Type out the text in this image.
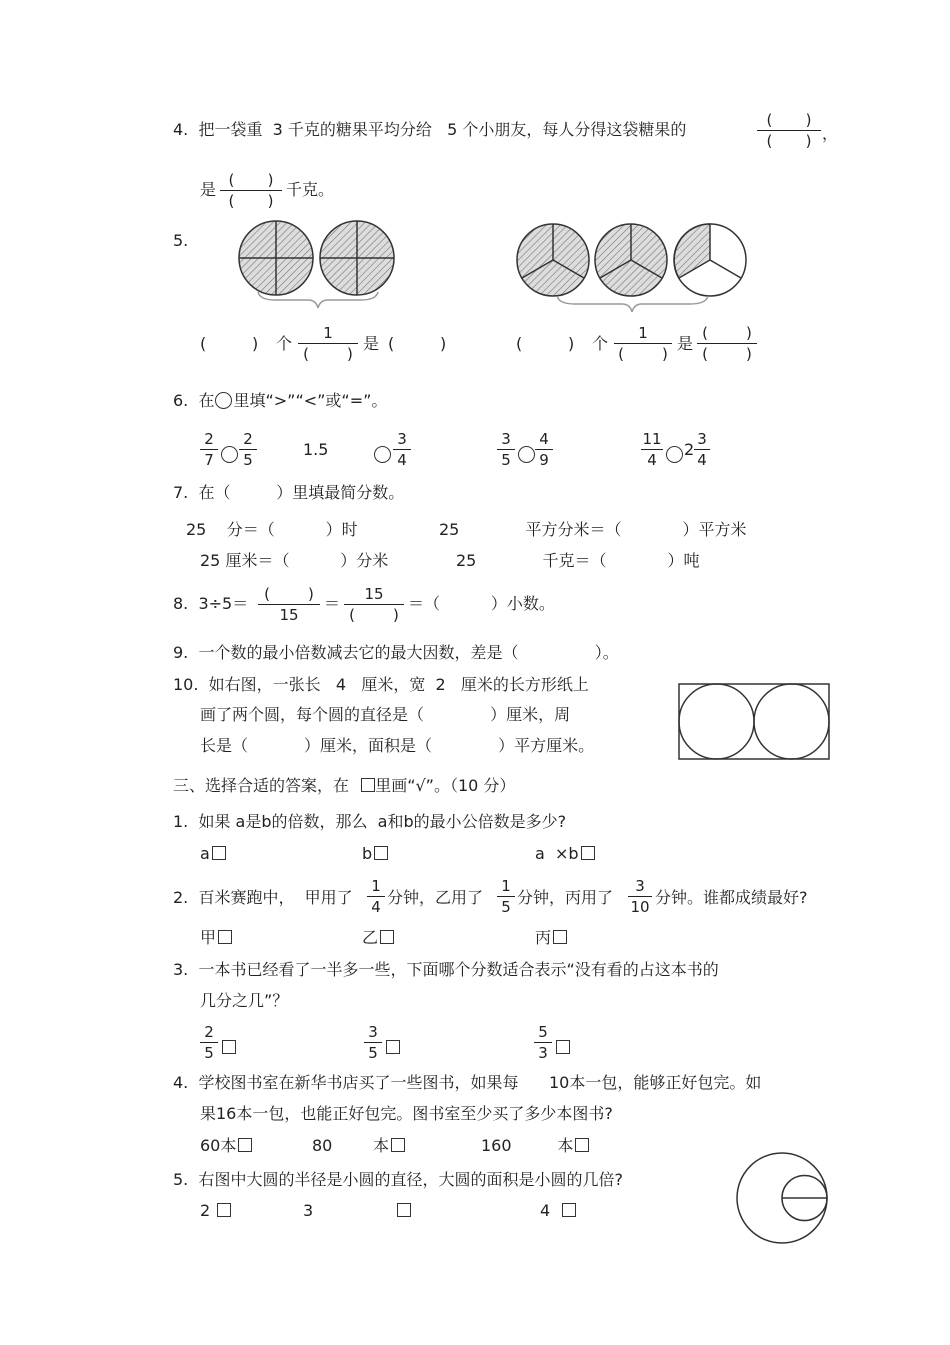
4.  把一袋重  3 千克的糖果平均分给   5 个小朋友，每人分得这袋糖果的	(       )
(       ) ，
是 (       )
(       )
千克。
5.
(         ) 个
1
(        )
是 (         )	(         ) 个
1
(        )
是
(        )
(        )
6.  在 里填“>”“<”或“=”。
2
7
2
5
1.5
3
4
3
5
4
9
11
4
2
3
4
7.  在（         ）里填最简分数。
25    分＝（          ）时	25             平方分米＝（            ）平方米
25 厘米＝（          ）分米	25             千克＝（            ）吨
8.  3÷5＝	(        )
15
＝	15
(        )
＝（          ）小数。
9.  一个数的最小倍数减去它的最大因数，差是（               ）。
10.  如右图，一张长   4   厘米，宽  2   厘米的长方形纸上
画了两个圆，每个圆的直径是（             ）厘米，周
长是（           ）厘米，面积是（             ）平方厘米。
三、选择合适的答案，在 里画“√”。（10 分）
1.  如果 a是b的倍数，那么  a和b的最小公倍数是多少?
a	b	a  ×b
2.  百米赛跑中，  甲用了
1
4 分钟，乙用了
1
5 分钟，丙用了
3
10 分钟。谁都成绩最好?
甲	乙	丙
3.  一本书已经看了一半多一些，下面哪个分数适合表示“没有看的占这本书的
几分之几”？

2
5

3
5

5
3

4.  学校图书室在新华书店买了一些图书，如果每      10本一包，能够正好包完。如
果16本一包，也能正好包完。图书室至少买了多少本图书?
60本	80	本	160	本
5.  右图中大圆的半径是小圆的直径，大圆的面积是小圆的几倍?
2	3	4
